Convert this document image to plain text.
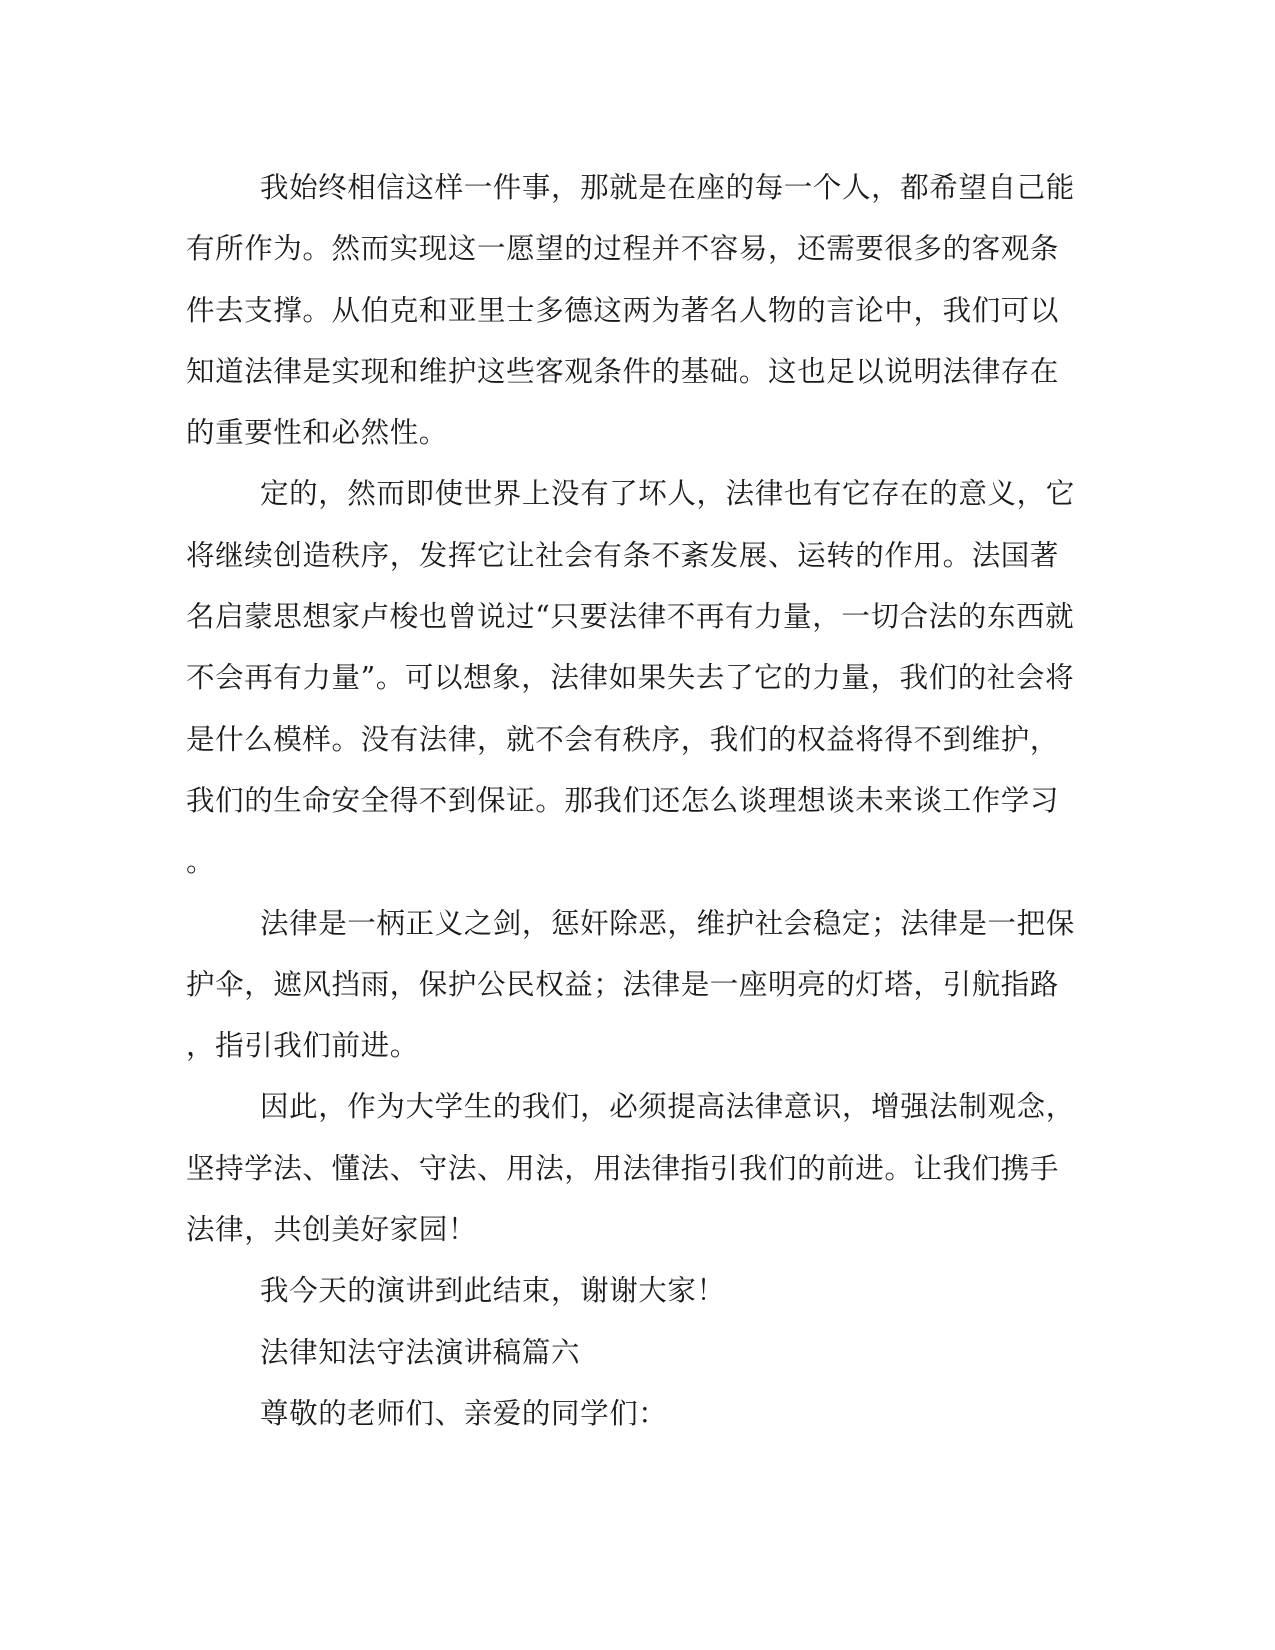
我始终相信这样一件事，那就是在座的每一个人，都希望自己能
有所作为。然而实现这一愿望的过程并不容易，还需要很多的客观条
件去支撑。从伯克和亚里士多德这两为著名人物的言论中，我们可以
知道法律是实现和维护这些客观条件的基础。这也足以说明法律存在
的重要性和必然性。
定的，然而即使世界上没有了坏人，法律也有它存在的意义，它
将继续创造秩序，发挥它让社会有条不紊发展、运转的作用。法国著
名启蒙思想家卢梭也曾说过“只要法律不再有力量，一切合法的东西就
不会再有力量”。可以想象，法律如果失去了它的力量，我们的社会将
是什么模样。没有法律，就不会有秩序，我们的权益将得不到维护，
我们的生命安全得不到保证。那我们还怎么谈理想谈未来谈工作学习
。
法律是一柄正义之剑，惩奸除恶，维护社会稳定；法律是一把保
护伞，遮风挡雨，保护公民权益；法律是一座明亮的灯塔，引航指路
，指引我们前进。
因此，作为大学生的我们，必须提高法律意识，增强法制观念，
坚持学法、懂法、守法、用法，用法律指引我们的前进。让我们携手
法律，共创美好家园！
我今天的演讲到此结束，谢谢大家！
法律知法守法演讲稿篇六
尊敬的老师们、亲爱的同学们：
